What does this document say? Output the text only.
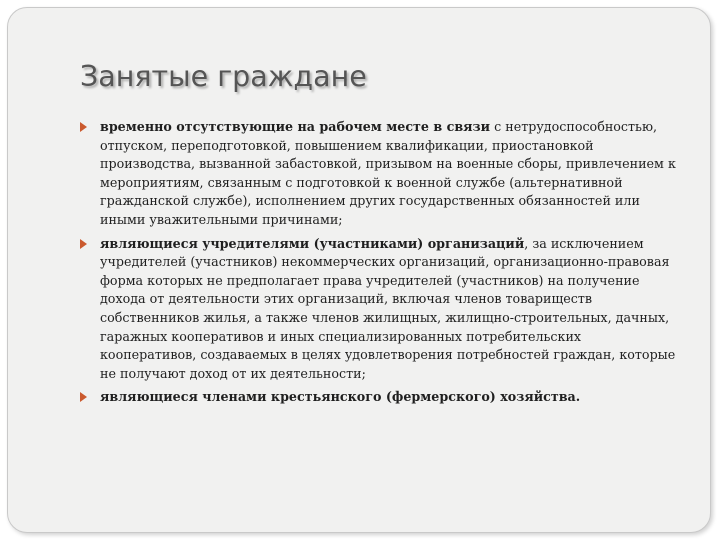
Занятые граждане
временно отсутствующие на рабочем месте в связи с нетрудоспособностью, отпуском, переподготовкой, повышением квалификации, приостановкой производства, вызванной забастовкой, призывом на военные сборы, привлечением к мероприятиям, связанным с подготовкой к военной службе (альтернативной гражданской службе), исполнением других государственных обязанностей или иными уважительными причинами;
являющиеся учредителями (участниками) организаций, за исключением учредителей (участников) некоммерческих организаций, организационно-правовая форма которых не предполагает права учредителей (участников) на получение дохода от деятельности этих организаций, включая членов товариществ собственников жилья, а также членов жилищных, жилищно-строительных, дачных, гаражных кооперативов и иных специализированных потребительских кооперативов, создаваемых в целях удовлетворения потребностей граждан, которые не получают доход от их деятельности;
являющиеся членами крестьянского (фермерского) хозяйства.
